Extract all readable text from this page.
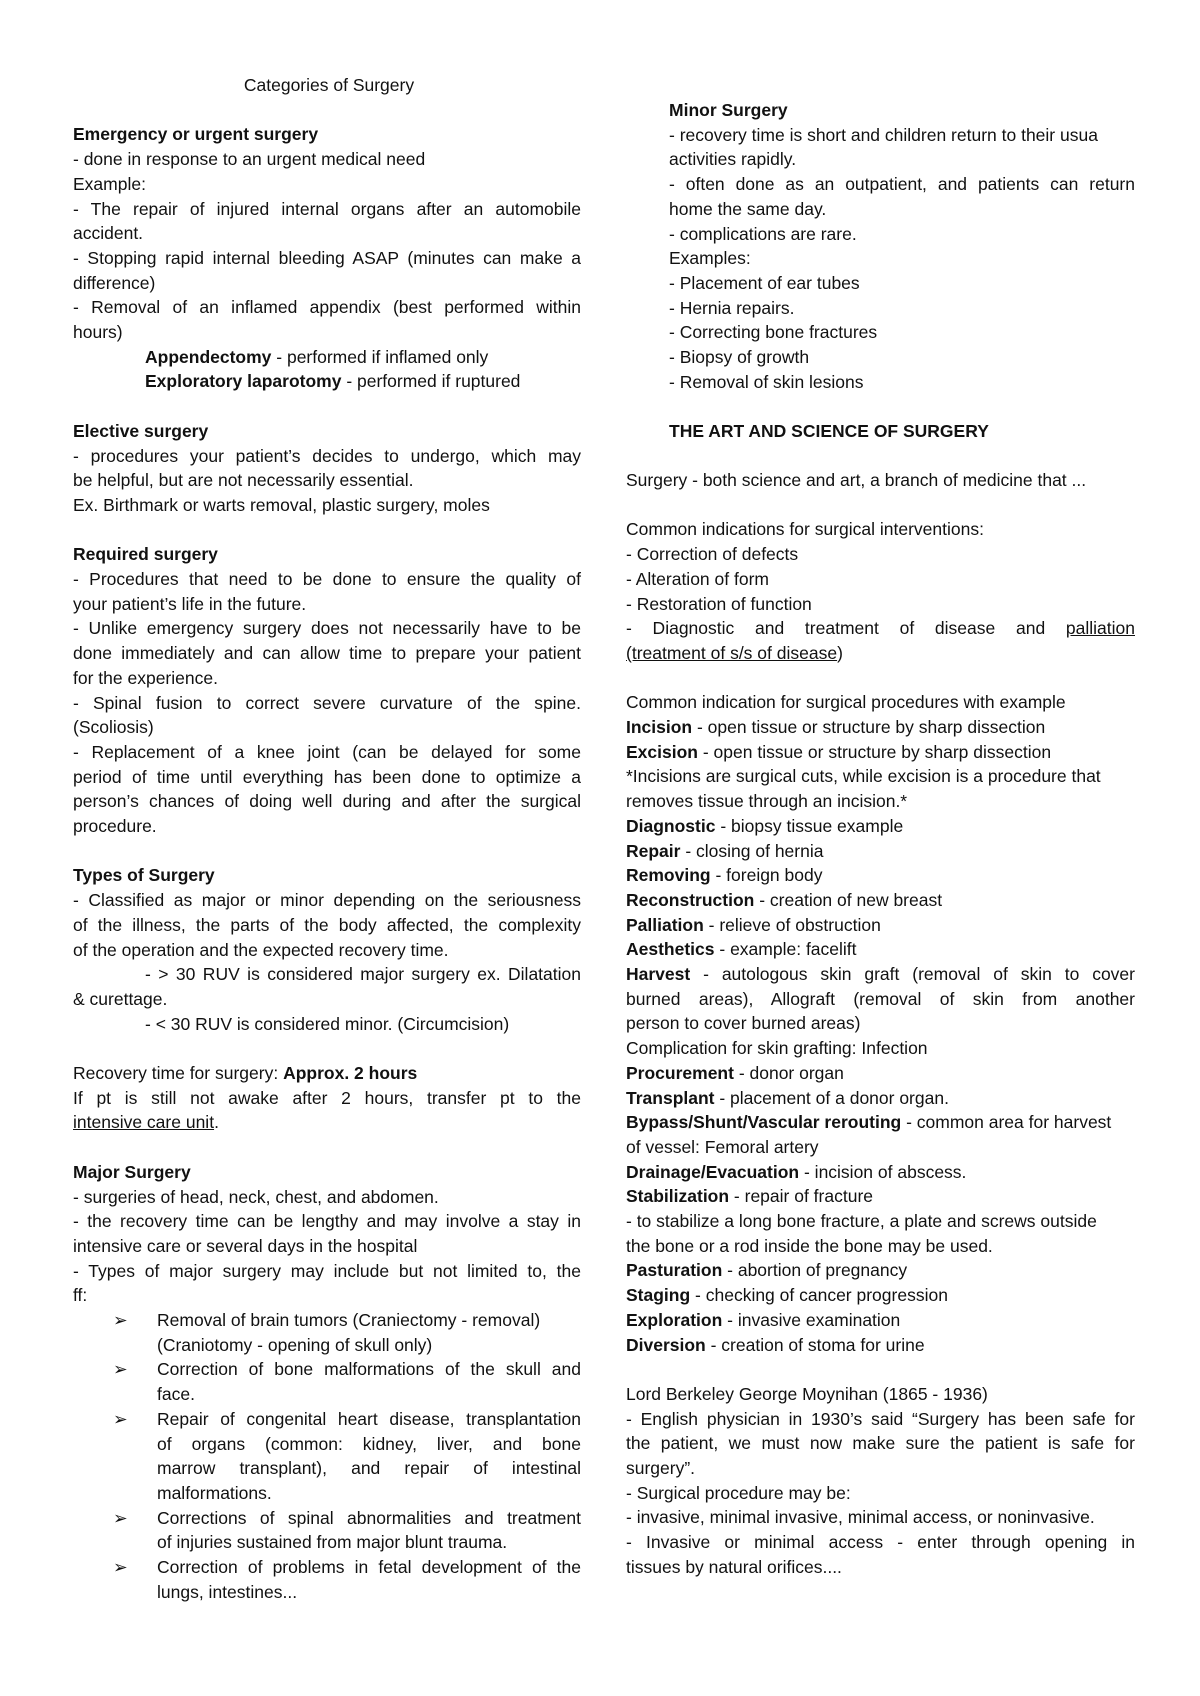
Categories of Surgery
Emergency or urgent surgery
- done in response to an urgent medical need
Example:
- The repair of injured internal organs after an automobile
accident.
- Stopping rapid internal bleeding ASAP (minutes can make a
difference)
- Removal of an inflamed appendix (best performed within
hours)
Appendectomy - performed if inflamed only
Exploratory laparotomy - performed if ruptured
Elective surgery
- procedures your patient’s decides to undergo, which may
be helpful, but are not necessarily essential.
Ex. Birthmark or warts removal, plastic surgery, moles
Required surgery
- Procedures that need to be done to ensure the quality of
your patient’s life in the future.
- Unlike emergency surgery does not necessarily have to be
done immediately and can allow time to prepare your patient
for the experience.
- Spinal fusion to correct severe curvature of the spine.
(Scoliosis)
- Replacement of a knee joint (can be delayed for some
period of time until everything has been done to optimize a
person’s chances of doing well during and after the surgical
procedure.
Types of Surgery
- Classified as major or minor depending on the seriousness
of the illness, the parts of the body affected, the complexity
of the operation and the expected recovery time.
- > 30 RUV is considered major surgery ex. Dilatation
& curettage.
- < 30 RUV is considered minor. (Circumcision)
Recovery time for surgery: Approx. 2 hours
If pt is still not awake after 2 hours, transfer pt to the
intensive care unit.
Major Surgery
- surgeries of head, neck, chest, and abdomen.
- the recovery time can be lengthy and may involve a stay in
intensive care or several days in the hospital
- Types of major surgery may include but not limited to, the
ff:
➢ Removal of brain tumors (Craniectomy - removal)
(Craniotomy - opening of skull only)
➢ Correction of bone malformations of the skull and
face.
➢ Repair of congenital heart disease, transplantation
of organs (common: kidney, liver, and bone
marrow transplant), and repair of intestinal
malformations.
➢ Corrections of spinal abnormalities and treatment
of injuries sustained from major blunt trauma.
➢ Correction of problems in fetal development of the
lungs, intestines...
Minor Surgery
- recovery time is short and children return to their usua
activities rapidly.
- often done as an outpatient, and patients can return
home the same day.
- complications are rare.
Examples:
- Placement of ear tubes
- Hernia repairs.
- Correcting bone fractures
- Biopsy of growth
- Removal of skin lesions
THE ART AND SCIENCE OF SURGERY
Surgery - both science and art, a branch of medicine that ...
Common indications for surgical interventions:
- Correction of defects
- Alteration of form
- Restoration of function
- Diagnostic and treatment of disease and palliation
(treatment of s/s of disease)
Common indication for surgical procedures with example
Incision - open tissue or structure by sharp dissection
Excision - open tissue or structure by sharp dissection
*Incisions are surgical cuts, while excision is a procedure that
removes tissue through an incision.*
Diagnostic - biopsy tissue example
Repair - closing of hernia
Removing - foreign body
Reconstruction - creation of new breast
Palliation - relieve of obstruction
Aesthetics - example: facelift
Harvest - autologous skin graft (removal of skin to cover
burned areas), Allograft (removal of skin from another
person to cover burned areas)
Complication for skin grafting: Infection
Procurement - donor organ
Transplant - placement of a donor organ.
Bypass/Shunt/Vascular rerouting - common area for harvest
of vessel: Femoral artery
Drainage/Evacuation - incision of abscess.
Stabilization - repair of fracture
- to stabilize a long bone fracture, a plate and screws outside
the bone or a rod inside the bone may be used.
Pasturation - abortion of pregnancy
Staging - checking of cancer progression
Exploration - invasive examination
Diversion - creation of stoma for urine
Lord Berkeley George Moynihan (1865 - 1936)
- English physician in 1930’s said “Surgery has been safe for
the patient, we must now make sure the patient is safe for
surgery”.
- Surgical procedure may be:
- invasive, minimal invasive, minimal access, or noninvasive.
- Invasive or minimal access - enter through opening in
tissues by natural orifices....
